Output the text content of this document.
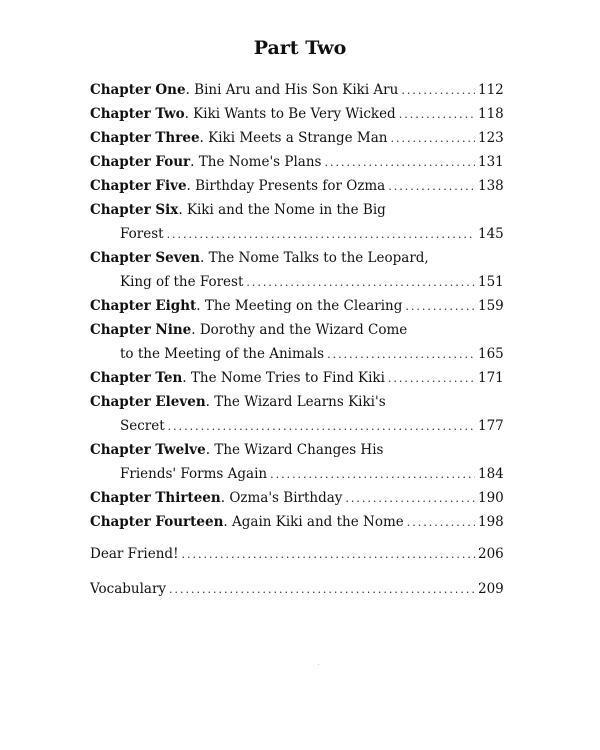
Part Two
Chapter One. Bini Aru and His Son Kiki Aru .....	112
Chapter Two. Kiki Wants to Be Very Wicked .....	118
Chapter Three. Kiki Meets a Strange Man .....	123
Chapter Four. The Nome's Plans .....	131
Chapter Five. Birthday Presents for Ozma .....	138
Chapter Six. Kiki and the Nome in the Big
Forest .....	145
Chapter Seven. The Nome Talks to the Leopard,
King of the Forest .....	151
Chapter Eight. The Meeting on the Clearing .....	159
Chapter Nine. Dorothy and the Wizard Come
to the Meeting of the Animals .....	165
Chapter Ten. The Nome Tries to Find Kiki .....	171
Chapter Eleven. The Wizard Learns Kiki's
Secret .....	177
Chapter Twelve. The Wizard Changes His
Friends' Forms Again .....	184
Chapter Thirteen. Ozma's Birthday .....	190
Chapter Fourteen. Again Kiki and the Nome .....	198
Dear Friend! .....	206
Vocabulary .....	209
